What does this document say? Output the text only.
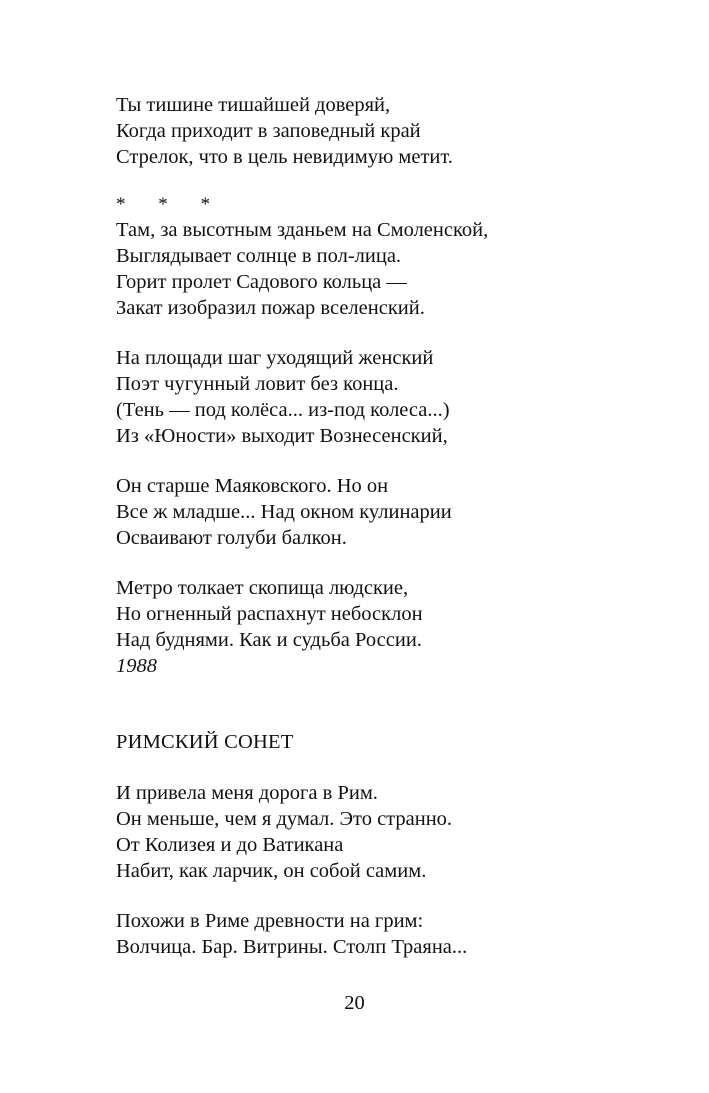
Ты тишине тишайшей доверяй,

Когда приходит в заповедный край

Стрелок, что в цель невидимую метит.

* * *

Там, за высотным зданьем на Смоленской,

Выглядывает солнце в пол-лица.

Горит пролет Садового кольца —

Закат изобразил пожар вселенский.

На площади шаг уходящий женский

Поэт чугунный ловит без конца.

(Тень — под колёса... из-под колеса...)

Из «Юности» выходит Вознесенский,

Он старше Маяковского. Но он

Все ж младше... Над окном кулинарии

Осваивают голуби балкон.

Метро толкает скопища людские,

Но огненный распахнут небосклон

Над буднями. Как и судьба России.

1988

РИМСКИЙ СОНЕТ

И привела меня дорога в Рим.

Он меньше, чем я думал. Это странно.

От Колизея и до Ватикана

Набит, как ларчик, он собой самим.

Похожи в Риме древности на грим:

Волчица. Бар. Витрины. Столп Траяна...

20
